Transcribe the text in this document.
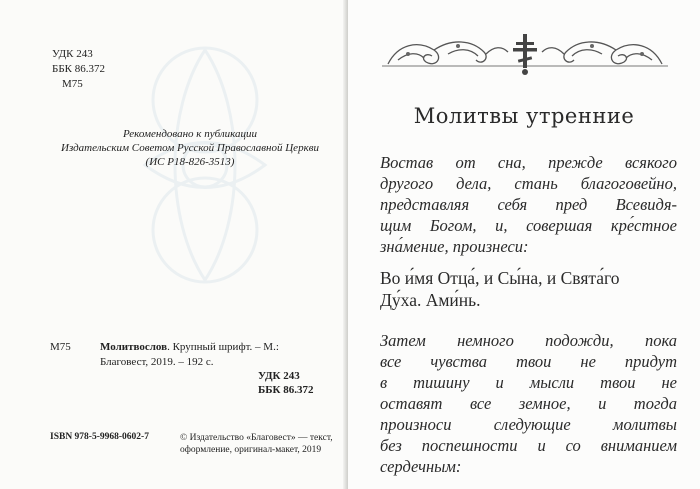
УДК 243
ББК 86.372
М75
Рекомендовано к публикации
Издательским Советом Русской Православной Церкви
(ИС Р18-826-3513)
М75	Молитвослов. Крупный шрифт. – М.:
Благовест, 2019. – 192 с.
УДК 243
ББК 86.372
ISBN 978-5-9968-0602-7	© Издательство «Благовест» — текст,
оформление, оригинал-макет, 2019
Молитвы утренние
Востав от сна, прежде всякого
другого дела, стань благоговейно,
представляя себя пред Всевидя-
щим Богом, и, совершая кре́стное
зна́мение, произнеси:
Во и́мя Отца́, и Сы́на, и Свята́го
Ду́ха. Ами́нь.
Затем немного подожди, пока
все чувства твои не придут
в тишину и мысли твои не
оставят все земное, и тогда
произноси следующие молитвы
без поспешности и со вниманием
сердечным:
